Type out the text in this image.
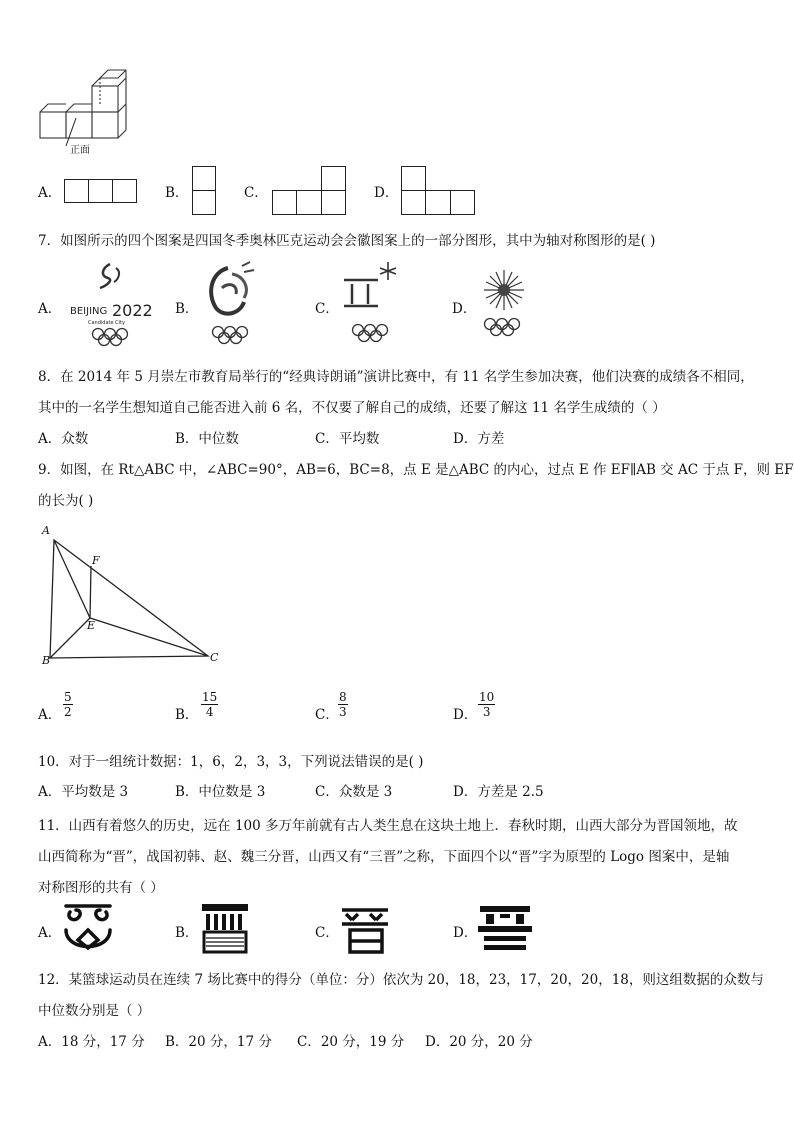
正面
A．	B．	C．	D．
7．如图所示的四个图案是四国冬季奥林匹克运动会会徽图案上的一部分图形，其中为轴对称图形的是( )
A． BEIJING 2022
Candidate City
B．	C．	D．
8．在 2014 年 5 月崇左市教育局举行的“经典诗朗诵”演讲比赛中，有 11 名学生参加决赛，他们决赛的成绩各不相同，
其中的一名学生想知道自己能否进入前 6 名，不仅要了解自己的成绩，还要了解这 11 名学生成绩的（ ）
A．众数	B．中位数	C．平均数	D．方差
9．如图，在 Rt△ABC 中，∠ABC=90°，AB=6，BC=8，点 E 是△ABC 的内心，过点 E 作 EF∥AB 交 AC 于点 F，则 EF
的长为( )
A
F
E
B	C
A．
5
2	B．
15
4	C．
8
3	D．
10
3
10．对于一组统计数据：1，6，2，3，3，下列说法错误的是( )
A．平均数是 3	B．中位数是 3	C．众数是 3	D．方差是 2.5
11．山西有着悠久的历史，远在 100 多万年前就有古人类生息在这块土地上．春秋时期，山西大部分为晋国领地，故
山西简称为“晋”，战国初韩、赵、魏三分晋，山西又有“三晋”之称，下面四个以“晋”字为原型的 Logo 图案中，是轴
对称图形的共有（ ）
A．	B．	C．	D．
12．某篮球运动员在连续 7 场比赛中的得分（单位：分）依次为 20，18，23，17，20，20，18，则这组数据的众数与
中位数分别是（ ）
A．18 分，17 分 B．20 分，17 分 C．20 分，19 分 D．20 分，20 分
